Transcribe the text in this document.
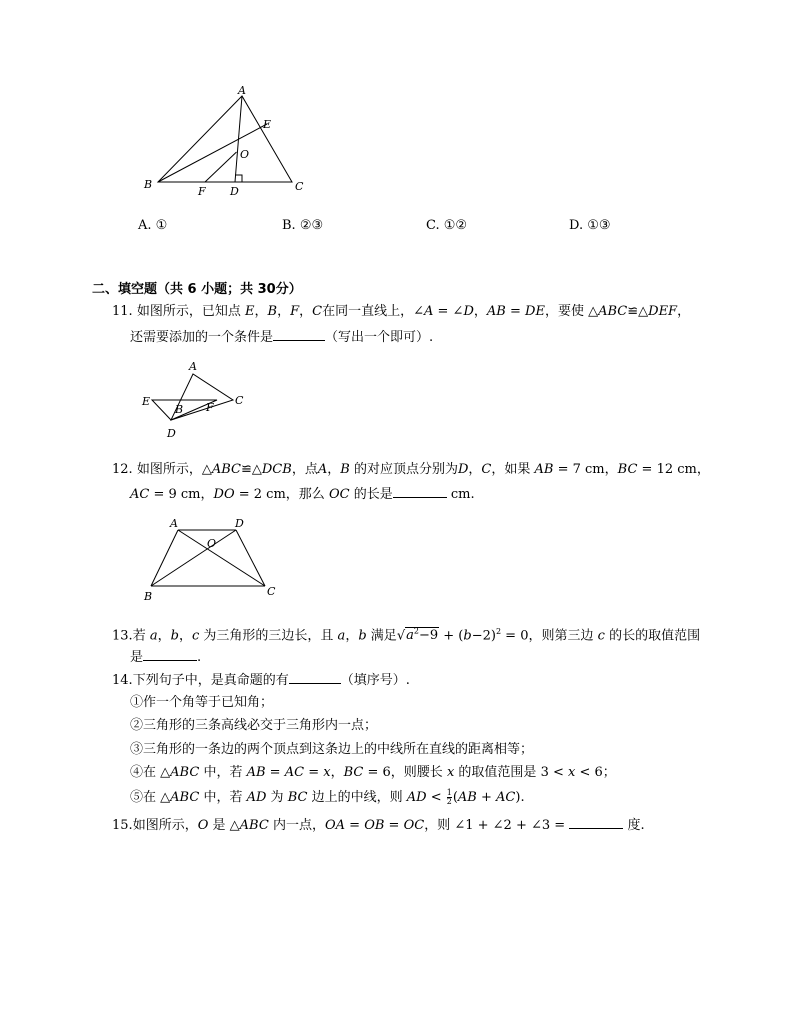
A
E
O
B
F D	C
A. ①	B. ②③	C. ①②	D. ①③
二、填空题（共 6 小题；共 30分）
11. 如图所示，已知点 E，B，F，C在同一直线上，∠A = ∠D，AB = DE，要使 △ABC≌△DEF，
还需要添加的一个条件是	（写出一个即可）.
A
E	C
B F
D
12. 如图所示，△ABC≌△DCB，点A，B 的对应顶点分别为D，C，如果 AB = 7 cm，BC = 12 cm，
AC = 9 cm，DO = 2 cm，那么 OC 的长是	cm.
A	D
O
B	C
13.若 a，b，c 为三角形的三边长，且 a，b 满足$√a^2-9 + (b-2)^2 = 0$，则第三边 c 的长的取值范围
是	.
14.下列句子中，是真命题的有	（填序号）.
①作一个角等于已知角；
②三角形的三条高线必交于三角形内一点；
③三角形的一条边的两个顶点到这条边上的中线所在直线的距离相等；
④在 △ABC 中，若 AB = AC = x，BC = 6，则腰长 x 的取值范围是 3 < x < 6；
⑤在 △ABC 中，若 AD 为 BC 边上的中线，则 AD < $\frac{1}{2} (AB + AC)$.
15.如图所示，O 是 △ABC 内一点，OA = OB = OC，则 ∠1 + ∠2 + ∠3 =	度.
